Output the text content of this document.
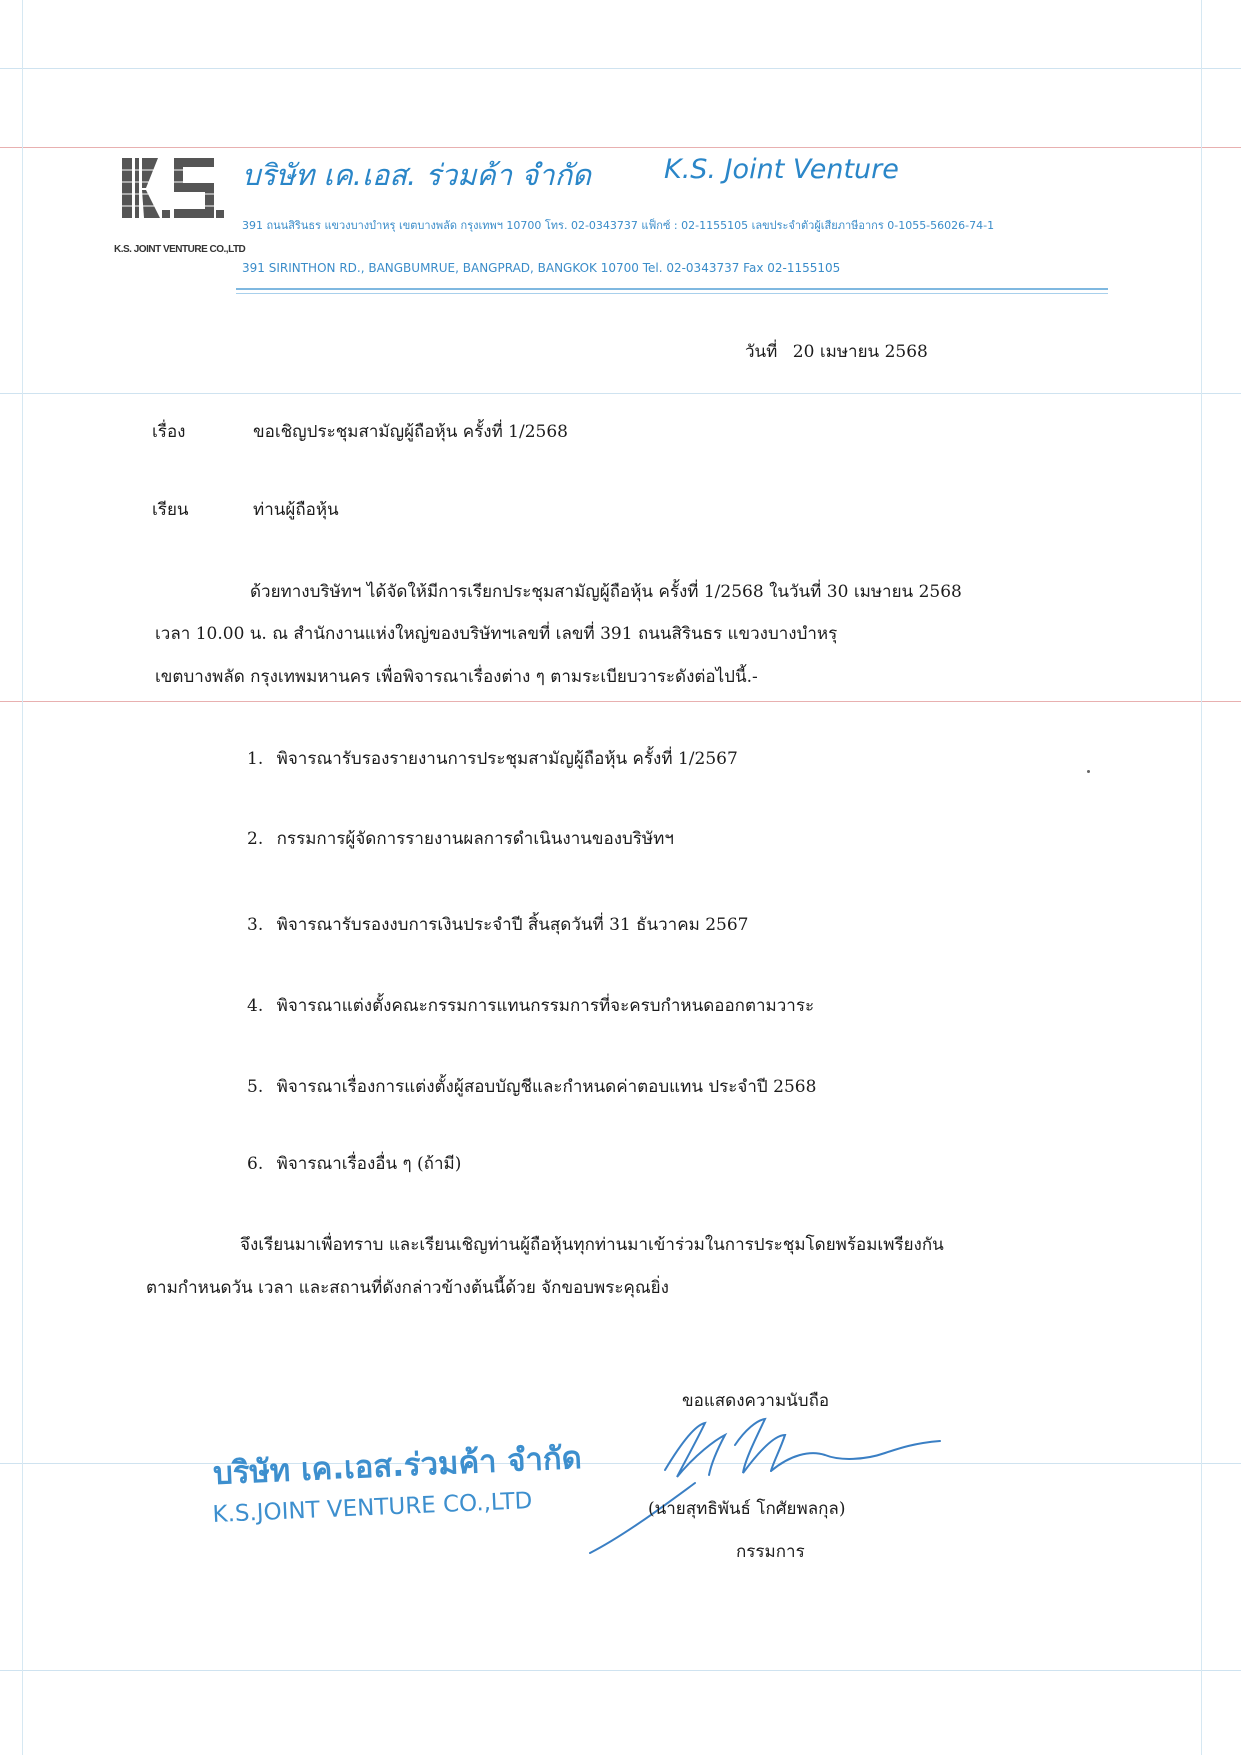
K.S. JOINT VENTURE CO.,LTD
บริษัท เค.เอส. ร่วมค้า จำกัด	K.S. Joint Venture
391 ถนนสิรินธร แขวงบางบำหรุ เขตบางพลัด กรุงเทพฯ 10700 โทร. 02-0343737 แฟ็กซ์ : 02-1155105 เลขประจำตัวผู้เสียภาษีอากร 0-1055-56026-74-1
391 SIRINTHON RD., BANGBUMRUE, BANGPRAD, BANGKOK 10700 Tel. 02-0343737 Fax 02-1155105
วันที่ 20 เมษายน 2568
เรื่อง	ขอเชิญประชุมสามัญผู้ถือหุ้น ครั้งที่ 1/2568
เรียน	ท่านผู้ถือหุ้น
ด้วยทางบริษัทฯ ได้จัดให้มีการเรียกประชุมสามัญผู้ถือหุ้น ครั้งที่ 1/2568 ในวันที่ 30 เมษายน 2568
เวลา 10.00 น. ณ สำนักงานแห่งใหญ่ของบริษัทฯเลขที่ เลขที่ 391 ถนนสิรินธร แขวงบางบำหรุ
เขตบางพลัด กรุงเทพมหานคร เพื่อพิจารณาเรื่องต่าง ๆ ตามระเบียบวาระดังต่อไปนี้.-
1. พิจารณารับรองรายงานการประชุมสามัญผู้ถือหุ้น ครั้งที่ 1/2567
2. กรรมการผู้จัดการรายงานผลการดำเนินงานของบริษัทฯ
3. พิจารณารับรองงบการเงินประจำปี สิ้นสุดวันที่ 31 ธันวาคม 2567
4. พิจารณาแต่งตั้งคณะกรรมการแทนกรรมการที่จะครบกำหนดออกตามวาระ
5. พิจารณาเรื่องการแต่งตั้งผู้สอบบัญชีและกำหนดค่าตอบแทน ประจำปี 2568
6. พิจารณาเรื่องอื่น ๆ (ถ้ามี)
จึงเรียนมาเพื่อทราบ และเรียนเชิญท่านผู้ถือหุ้นทุกท่านมาเข้าร่วมในการประชุมโดยพร้อมเพรียงกัน
ตามกำหนดวัน เวลา และสถานที่ดังกล่าวข้างต้นนี้ด้วย จักขอบพระคุณยิ่ง
ขอแสดงความนับถือ
(นายสุทธิพันธ์ โกศัยพลกุล)
กรรมการ
บริษัท เค.เอส.ร่วมค้า จำกัด
K.S.JOINT VENTURE CO.,LTD
